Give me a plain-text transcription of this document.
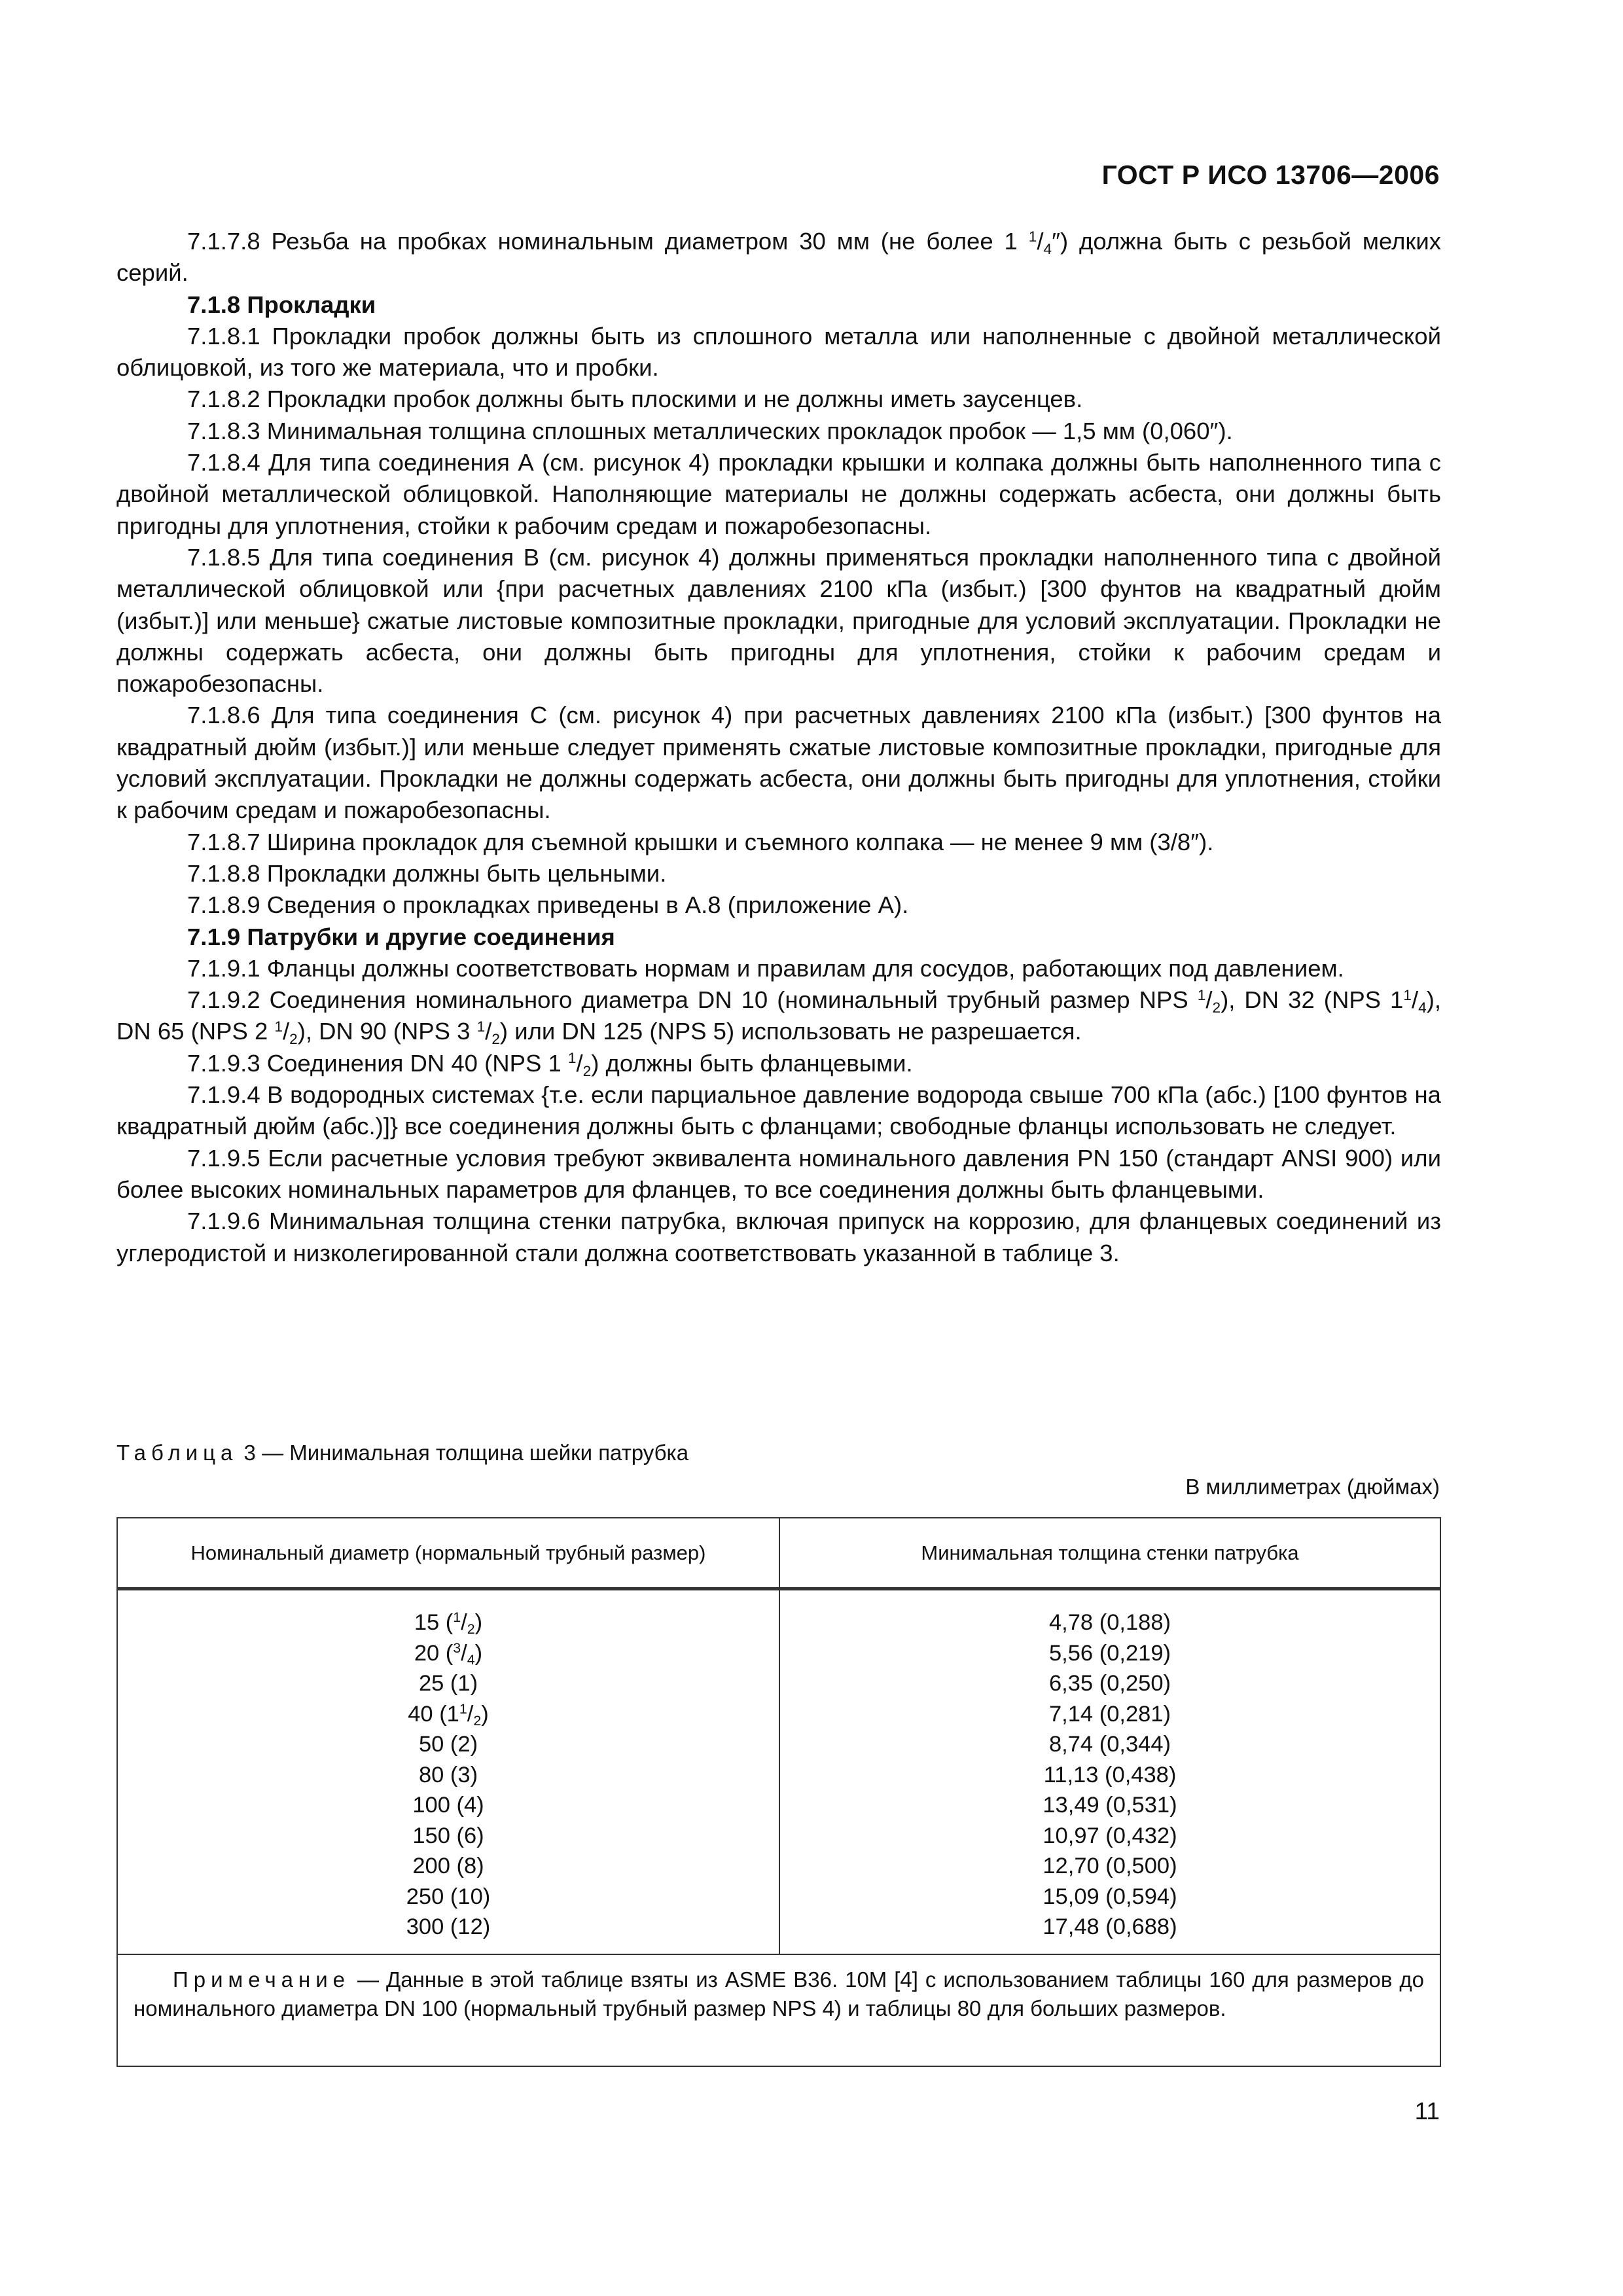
ГОСТ Р ИСО 13706—2006

7.1.7.8 Резьба на пробках номинальным диаметром 30 мм (не более 1 $^1/_4''$) должна быть с резьбой мелких серий.

7.1.8 Прокладки

7.1.8.1 Прокладки пробок должны быть из сплошного металла или наполненные с двойной металлической облицовкой, из того же материала, что и пробки.

7.1.8.2 Прокладки пробок должны быть плоскими и не должны иметь заусенцев.

7.1.8.3 Минимальная толщина сплошных металлических прокладок пробок — 1,5 мм (0,060″).

7.1.8.4 Для типа соединения А (см. рисунок 4) прокладки крышки и колпака должны быть наполненного типа с двойной металлической облицовкой. Наполняющие материалы не должны содержать асбеста, они должны быть пригодны для уплотнения, стойки к рабочим средам и пожаробезопасны.

7.1.8.5 Для типа соединения В (см. рисунок 4) должны применяться прокладки наполненного типа с двойной металлической облицовкой или {при расчетных давлениях 2100 кПа (избыт.) [300 фунтов на квадратный дюйм (избыт.)] или меньше} сжатые листовые композитные прокладки, пригодные для условий эксплуатации. Прокладки не должны содержать асбеста, они должны быть пригодны для уплотнения, стойки к рабочим средам и пожаробезопасны.

7.1.8.6 Для типа соединения С (см. рисунок 4) при расчетных давлениях 2100 кПа (избыт.) [300 фунтов на квадратный дюйм (избыт.)] или меньше следует применять сжатые листовые композитные прокладки, пригодные для условий эксплуатации. Прокладки не должны содержать асбеста, они должны быть пригодны для уплотнения, стойки к рабочим средам и пожаробезопасны.

7.1.8.7 Ширина прокладок для съемной крышки и съемного колпака — не менее 9 мм (3/8″).

7.1.8.8 Прокладки должны быть цельными.

7.1.8.9 Сведения о прокладках приведены в А.8 (приложение А).

7.1.9 Патрубки и другие соединения

7.1.9.1 Фланцы должны соответствовать нормам и правилам для сосудов, работающих под давлением.

7.1.9.2 Соединения номинального диаметра DN 10 (номинальный трубный размер NPS $^1/_2$), DN 32 (NPS $1^1/_4$), DN 65 (NPS 2 $^1/_2$), DN 90 (NPS 3 $^1/_2$) или DN 125 (NPS 5) использовать не разрешается.

7.1.9.3 Соединения DN 40 (NPS 1 $^1/_2$) должны быть фланцевыми.

7.1.9.4 В водородных системах {т.е. если парциальное давление водорода свыше 700 кПа (абс.) [100 фунтов на квадратный дюйм (абс.)]} все соединения должны быть с фланцами; свободные фланцы использовать не следует.

7.1.9.5 Если расчетные условия требуют эквивалента номинального давления PN 150 (стандарт ANSI 900) или более высоких номинальных параметров для фланцев, то все соединения должны быть фланцевыми.

7.1.9.6 Минимальная толщина стенки патрубка, включая припуск на коррозию, для фланцевых соединений из углеродистой и низколегированной стали должна соответствовать указанной в таблице 3.

Таблица 3 — Минимальная толщина шейки патрубка
В миллиметрах (дюймах)
Номинальный диаметр (нормальный трубный размер)	Минимальная толщина стенки патрубка
15 $(^1/_2)$
20 $(^3/_4)$
25 (1)
40 $(1^1/_2)$
50 (2)
80 (3)
100 (4)
150 (6)
200 (8)
250 (10)
300 (12)
4,78 (0,188)
5,56 (0,219)
6,35 (0,250)
7,14 (0,281)
8,74 (0,344)
11,13 (0,438)
13,49 (0,531)
10,97 (0,432)
12,70 (0,500)
15,09 (0,594)
17,48 (0,688)
Примечание — Данные в этой таблице взяты из ASME B36. 10M [4] с использованием таблицы 160 для размеров до номинального диаметра DN 100 (нормальный трубный размер NPS 4) и таблицы 80 для больших размеров.
11
